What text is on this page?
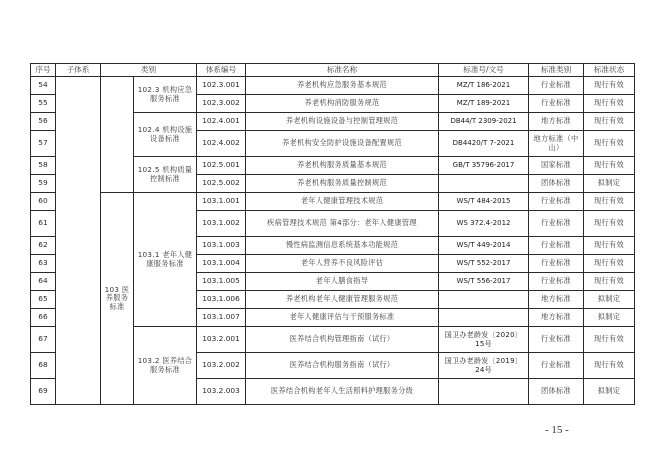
序号	子体系	类别		体系编号	标准名称	标准号/文号	标准类别	标准状态
54			102.3 机构应急服务标准	102.3.001	养老机构应急服务基本规范	MZ/T 186-2021	行业标准	现行有效
55				102.3.002	养老机构消防服务规范	MZ/T 189-2021	行业标准	现行有效
56			102.4 机构设施设备标准	102.4.001	养老机构设施设备与控制管理规范	DB44/T 2309-2021	地方标准	现行有效
57				102.4.002	养老机构安全防护设施设备配置规范	DB4420/T 7-2021	地方标准（中山）	现行有效
58			102.5 机构质量控制标准	102.5.001	养老机构服务质量基本规范	GB/T 35796-2017	国家标准	现行有效
59				102.5.002	养老机构服务质量控制规范		团体标准	拟制定
60		103 医养服务标准	103.1 老年人健康服务标准	103.1.001	老年人健康管理技术规范	WS/T 484-2015	行业标准	现行有效
61				103.1.002	疾病管理技术规范 第4部分：老年人健康管理	WS 372.4-2012	行业标准	现行有效
62				103.1.003	慢性病监测信息系统基本功能规范	WS/T 449-2014	行业标准	现行有效
63				103.1.004	老年人营养不良风险评估	WS/T 552-2017	行业标准	现行有效
64				103.1.005	老年人膳食指导	WS/T 556-2017	行业标准	现行有效
65				103.1.006	养老机构老年人健康管理服务规范		地方标准	拟制定
66				103.1.007	老年人健康评估与干预服务标准		地方标准	拟制定
67			103.2 医养结合服务标准	103.2.001	医养结合机构管理指南（试行）	国卫办老龄发〔2020〕15号	行业标准	现行有效
68				103.2.002	医养结合机构服务指南（试行）	国卫办老龄发〔2019〕24号	行业标准	现行有效
69				103.2.003	医养结合机构老年人生活照料护理服务分级		团体标准	拟制定
- 15 -
